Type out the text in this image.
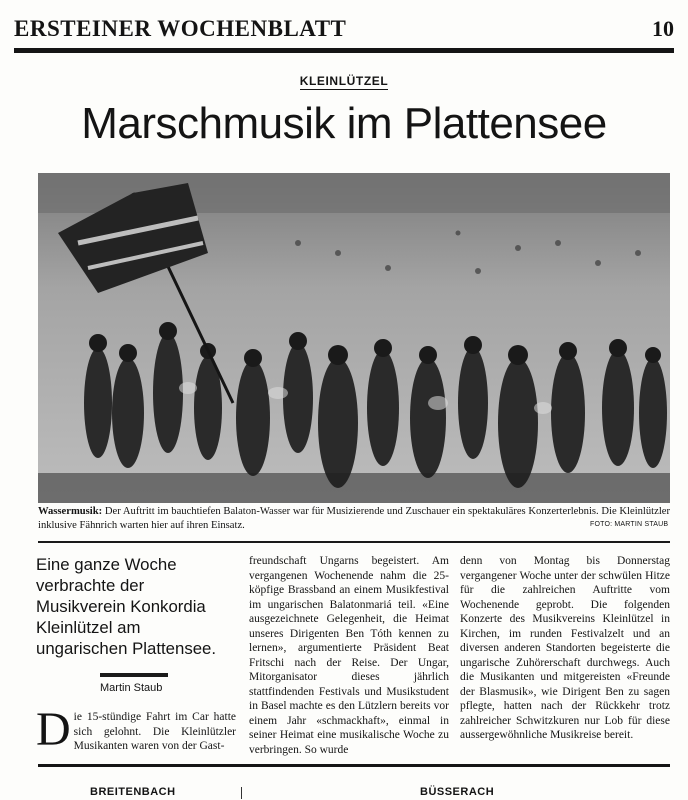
ERSTEINER WOCHENBLATT	10
KLEINLÜTZEL
Marschmusik im Plattensee
Wassermusik: Der Auftritt im bauchtiefen Balaton-Wasser war für Musizierende und Zuschauer ein spektakuläres Konzerterlebnis. Die Kleinlützler inklusive Fähnrich warten hier auf ihren Einsatz.	FOTO: MARTIN STAUB
Eine ganze Woche verbrachte der Musikverein Konkordia Kleinlützel am ungarischen Plattensee.
Martin Staub
Die 15-stündige Fahrt im Car hatte sich gelohnt. Die Kleinlützler Musikanten waren von der Gast-
freundschaft Ungarns begeistert. Am vergangenen Wochenende nahm die 25-köpfige Brassband an einem Musikfestival im ungarischen Balatonmariá teil. «Eine ausgezeichnete Gelegenheit, die Heimat unseres Dirigenten Ben Tóth kennen zu lernen», argumentierte Präsident Beat Fritschi nach der Reise. Der Ungar, Mitorganisator dieses jährlich stattfindenden Festivals und Musikstudent in Basel machte es den Lützlern bereits vor einem Jahr «schmackhaft», einmal in seiner Heimat eine musikalische Woche zu verbringen. So wurde
denn von Montag bis Donnerstag vergangener Woche unter der schwülen Hitze für die zahlreichen Auftritte vom Wochenende geprobt. Die folgenden Konzerte des Musikvereins Kleinlützel in Kirchen, im runden Festivalzelt und an diversen anderen Standorten begeisterte die ungarische Zuhörerschaft durchwegs. Auch die Musikanten und mitgereisten «Freunde der Blasmusik», wie Dirigent Ben zu sagen pflegte, hatten nach der Rückkehr trotz zahlreicher Schwitzkuren nur Lob für diese aussergewöhnliche Musikreise bereit.
BREITENBACH	BÜSSERACH
